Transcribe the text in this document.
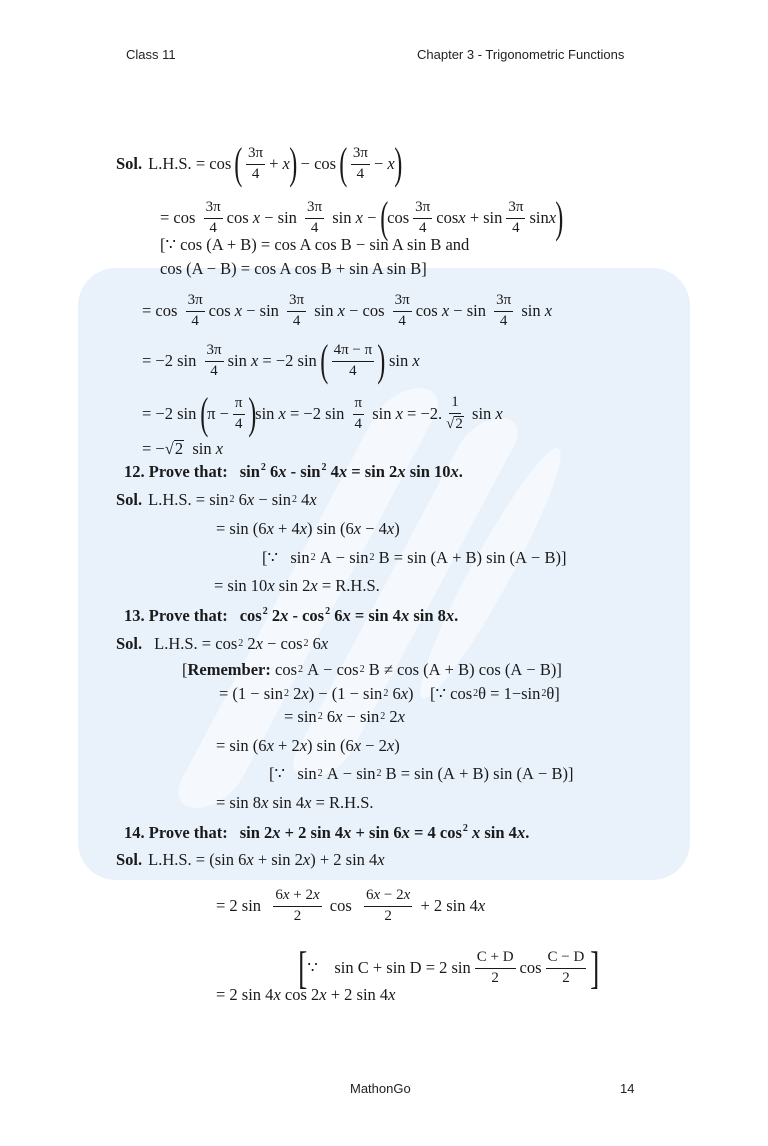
Class 11	Chapter 3 - Trigonometric Functions
Sol. L.H.S. = cos ( $\frac{3\pi}{4} + x$ ) − cos ( $\frac{3\pi}{4} - x$ )
= $\cos \frac{3\pi}{4}$ $\cos x - \sin \frac{3\pi}{4}$ sin x − ( $\cos \frac{3\pi}{4}$ $\cos x + \sin \frac{3\pi}{4}$ sin x )
[∵ cos (A + B) = cos A cos B − sin A sin B and
cos (A − B) = cos A cos B + sin A sin B]
= $\cos \frac{3\pi}{4}$ $\cos x - \sin \frac{3\pi}{4}$ $\sin x - \cos \frac{3\pi}{4}$ $\cos x - \sin \frac{3\pi}{4}$ sin x
= −2 $\sin \frac{3\pi}{4}$ sin x = −2 sin ( $\frac{4\pi - \pi}{4}$ ) sin x
= −2 sin ( $\pi - \frac{\pi}{4}$ ) sin x = −2 $\sin \frac{\pi}{4}$ sin x = −2. $\frac{1}{√ 2}$ sin x
= − √ 2 sin x
12.
Prove that: $\sin^2 6x - \sin^2 4x = \sin 2x$ sin 10x.
Sol. L.H.S. = sin 2 6 x − sin 2 4 x
= sin (6 x + 4 x ) sin (6 x − 4 x )
[∵   sin 2 A − sin 2 B = sin (A + B) sin (A − B)]
= sin 10 x sin 2 x = R.H.S.
13.
Prove that: $\cos^2 2x - \cos^2 6x = \sin 4x$ sin 8x.
Sol. L.H.S. = cos 2 2 x − cos 2 6 x
[ Remember: cos 2 A − cos 2 B ≠ cos (A + B) cos (A − B)]
= (1 − sin 2 2 x ) − (1 − sin 2 6 x )    [∵ cos 2 θ = 1−sin 2 θ]
= sin 2 6 x − sin 2 2 x
= sin (6 x + 2 x ) sin (6 x − 2 x )
[∵   sin 2 A − sin 2 B = sin (A + B) sin (A − B)]
= sin 8 x sin 4 x = R.H.S.
14.
Prove that: sin 2x + 2 sin 4x + sin 6x = 4 $\cos^2 x$ sin 4x.
Sol. L.H.S. = (sin 6 x + sin 2 x ) + 2 sin 4 x
= 2 $\sin \frac{6x + 2x}{2}$ $\cos \frac{6x - 2x}{2} + 2$ sin 4 x
[ ∵    sin C + sin D = 2 $\sin \frac{C + D}{2}$ $\cos \frac{C - D}{2}$ ]
= 2 sin 4 x cos 2 x + 2 sin 4 x
MathonGo	14
